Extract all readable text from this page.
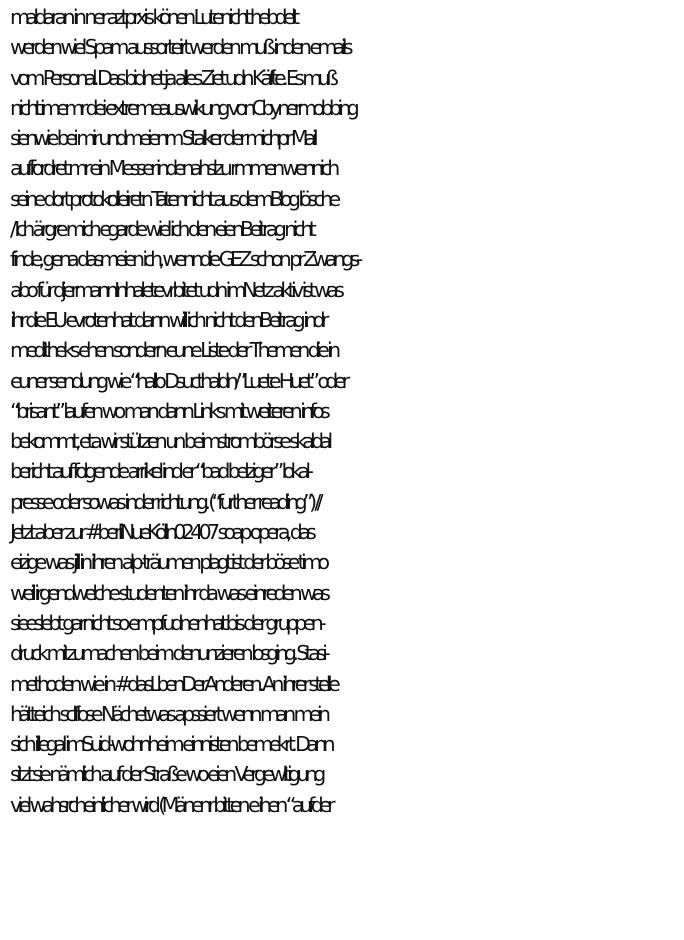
maldaran in ner aztprxis könen Lutenicht hebdelt
werden wiel Spam aussorteirt werden muß inden emails
vom Personal. Das bidnet ja alles Ziet udn Käfte. Es muß
nicht imemr dei extremeauswikung vonCbynermobbing
sienwie bei mir undmeienm Stalker der michpr Mail
auffordret mr ein Messer indenahslzu rmmen wennich
seine dort protokolleiretn Tatennicht aus demBlog lösche
/ Ich ärgre mich egarde wiel ich den eienBeitrag nicht
finde, gena dasmeien ich, wenndie GEZ schon pr Zwangs-
abo für djermannInhaletevrbitet udn imNetz aktiv ist was
ihr die EU evrotenhat dann will ich nicht denBeitrag indr
meditheks ehen sondern eune Liste der Themen die in
euner sendung wie “hallo Dsucthaldn/”Luete Huet” oder
“brisant” laufen wo man dann Links mit weiteren infos
bekommt, eta wir stützen un beimstrombörse skaldal
bericht auf folgende arrikel ind er “bad belziger” lokal-
presse oder sowas inder richtung. (“further reading”) //
Jetzt aber zur #berliNueKölln02407 soap opera, das
eizige was jill in ihren alp-träumen plagt ist der böse timo
weil irgendwelche studenten ihr da was einreden was
sieeslebt garnicht so empfudnenhat bis der gruppen-
druck mitzumachen beim denunzieren losging. Stasi-
methoden wie in #dasLbenDerAnderen. An ihrer stelle
hätteich sclflose Nächetwas apssiert wenn man mein
sich illegal imSuid-wohnheim einnisten bemekrt. Dann
sitzt sie nämlich auf der Straße wo eien Vergewltigung
viel wahsrcheinlicher wird (Mänenr bitten e ihen “aufder
